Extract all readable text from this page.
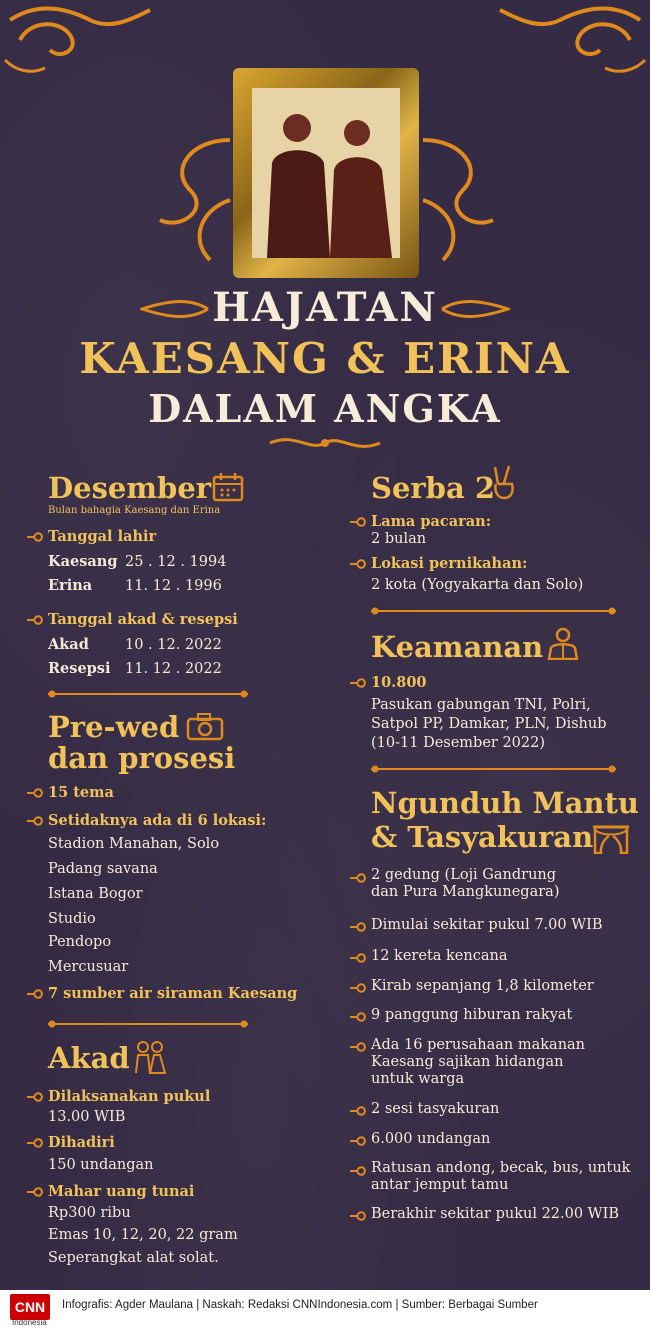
HAJATAN
KAESANG & ERINA
DALAM ANGKA
Desember
Bulan bahagia Kaesang dan Erina
Tanggal lahir
Kaesang 25 . 12 . 1994
Erina 11. 12 . 1996
Tanggal akad & resepsi
Akad 10 . 12. 2022
Resepsi 11. 12 . 2022
Pre-wed
dan prosesi
15 tema
Setidaknya ada di 6 lokasi:
Stadion Manahan, Solo
Padang savana
Istana Bogor
Studio
Pendopo
Mercusuar
7 sumber air siraman Kaesang
Akad
Dilaksanakan pukul
13.00 WIB
Dihadiri
150 undangan
Mahar uang tunai
Rp300 ribu
Emas 10, 12, 20, 22 gram
Seperangkat alat solat.
Serba 2
Lama pacaran:
2 bulan
Lokasi pernikahan:
2 kota (Yogyakarta dan Solo)
Keamanan
10.800
Pasukan gabungan TNI, Polri,
Satpol PP, Damkar, PLN, Dishub
(10-11 Desember 2022)
Ngunduh Mantu
& Tasyakuran
2 gedung (Loji Gandrung
dan Pura Mangkunegara)
Dimulai sekitar pukul 7.00 WIB
12 kereta kencana
Kirab sepanjang 1,8 kilometer
9 panggung hiburan rakyat
Ada 16 perusahaan makanan
Kaesang sajikan hidangan
untuk warga
2 sesi tasyakuran
6.000 undangan
Ratusan andong, becak, bus, untuk
antar jemput tamu
Berakhir sekitar pukul 22.00 WIB
CNN
Indonesia
Infografis: Agder Maulana | Naskah: Redaksi CNNIndonesia.com | Sumber: Berbagai Sumber
